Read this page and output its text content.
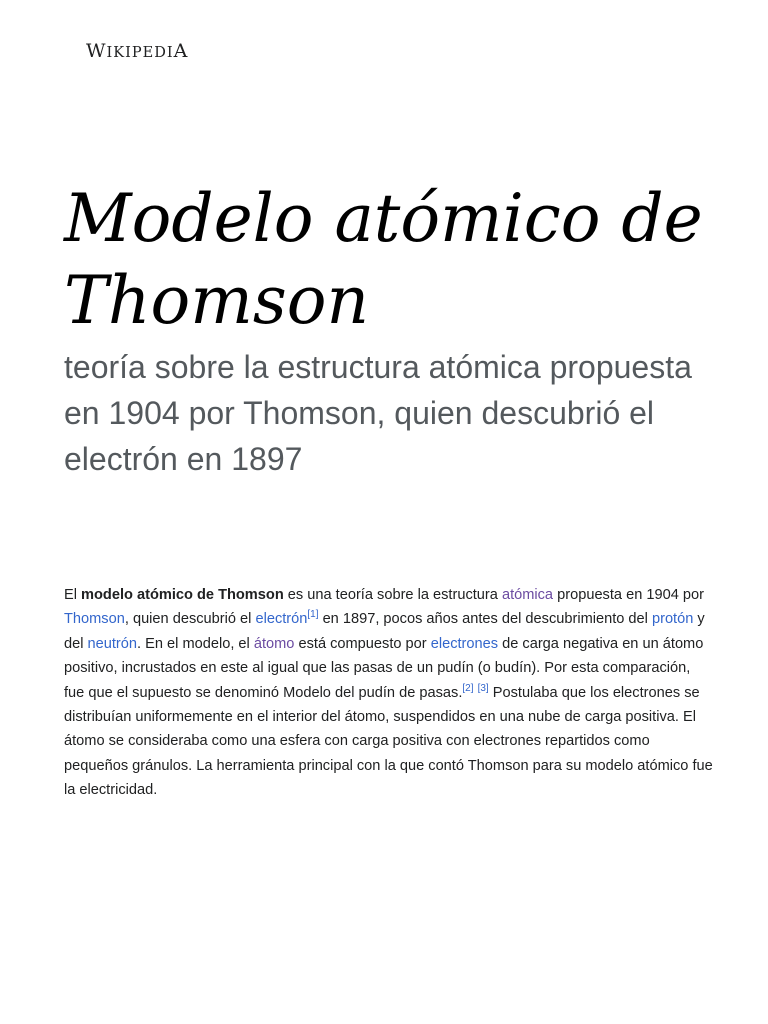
WIKIPEDIA
Modelo atómico de Thomson

teoría sobre la estructura atómica propuesta en 1904 por Thomson, quien descubrió el electrón en 1897

El modelo atómico de Thomson es una teoría sobre la estructura atómica propuesta en 1904 por Thomson, quien descubrió el electrón[1] en 1897, pocos años antes del descubrimiento del protón y del neutrón. En el modelo, el átomo está compuesto por electrones de carga negativa en un átomo positivo, incrustados en este al igual que las pasas de un pudín (o budín). Por esta comparación, fue que el supuesto se denominó Modelo del pudín de pasas.[2] [3] Postulaba que los electrones se distribuían uniformemente en el interior del átomo, suspendidos en una nube de carga positiva. El átomo se consideraba como una esfera con carga positiva con electrones repartidos como pequeños gránulos. La herramienta principal con la que contó Thomson para su modelo atómico fue la electricidad.
